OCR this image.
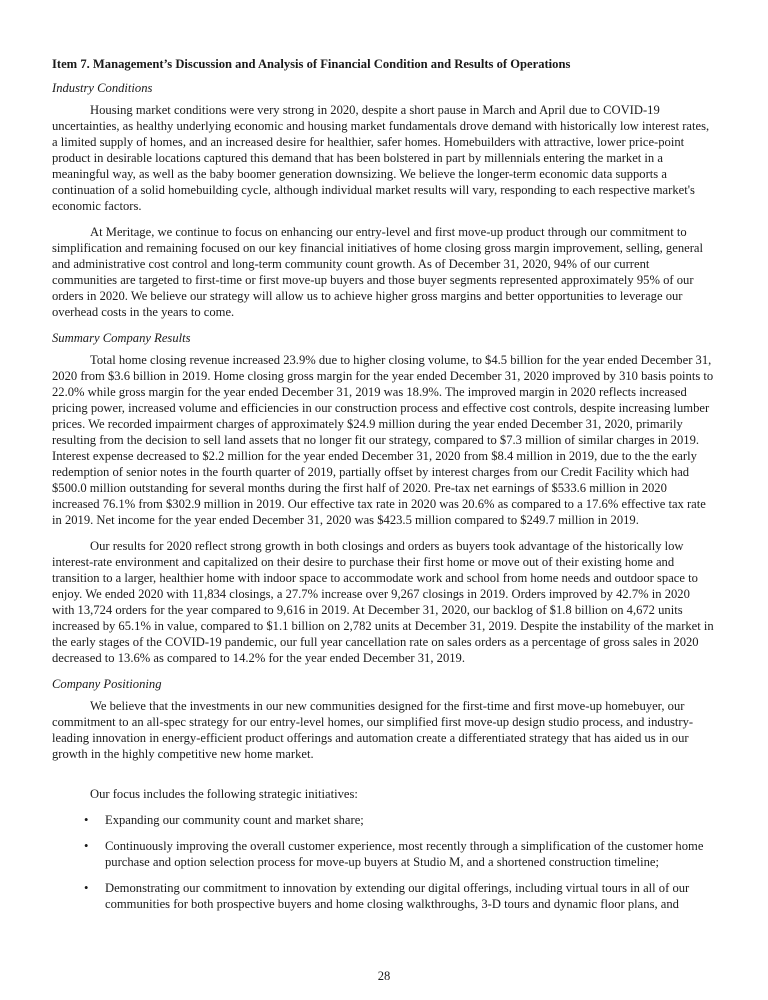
Item 7. Management’s Discussion and Analysis of Financial Condition and Results of Operations

Industry Conditions

Housing market conditions were very strong in 2020, despite a short pause in March and April due to COVID-19 uncertainties, as healthy underlying economic and housing market fundamentals drove demand with historically low interest rates, a limited supply of homes, and an increased desire for healthier, safer homes. Homebuilders with attractive, lower price-point product in desirable locations captured this demand that has been bolstered in part by millennials entering the market in a meaningful way, as well as the baby boomer generation downsizing. We believe the longer-term economic data supports a continuation of a solid homebuilding cycle, although individual market results will vary, responding to each respective market's economic factors.

At Meritage, we continue to focus on enhancing our entry-level and first move-up product through our commitment to simplification and remaining focused on our key financial initiatives of home closing gross margin improvement, selling, general and administrative cost control and long-term community count growth. As of December 31, 2020, 94% of our current communities are targeted to first-time or first move-up buyers and those buyer segments represented approximately 95% of our orders in 2020. We believe our strategy will allow us to achieve higher gross margins and better opportunities to leverage our overhead costs in the years to come.

Summary Company Results

Total home closing revenue increased 23.9% due to higher closing volume, to $4.5 billion for the year ended December 31, 2020 from $3.6 billion in 2019. Home closing gross margin for the year ended December 31, 2020 improved by 310 basis points to 22.0% while gross margin for the year ended December 31, 2019 was 18.9%. The improved margin in 2020 reflects increased pricing power, increased volume and efficiencies in our construction process and effective cost controls, despite increasing lumber prices. We recorded impairment charges of approximately $24.9 million during the year ended December 31, 2020, primarily resulting from the decision to sell land assets that no longer fit our strategy, compared to $7.3 million of similar charges in 2019. Interest expense decreased to $2.2 million for the year ended December 31, 2020 from $8.4 million in 2019, due to the the early redemption of senior notes in the fourth quarter of 2019, partially offset by interest charges from our Credit Facility which had $500.0 million outstanding for several months during the first half of 2020. Pre-tax net earnings of $533.6 million in 2020 increased 76.1% from $302.9 million in 2019. Our effective tax rate in 2020 was 20.6% as compared to a 17.6% effective tax rate in 2019. Net income for the year ended December 31, 2020 was $423.5 million compared to $249.7 million in 2019.

Our results for 2020 reflect strong growth in both closings and orders as buyers took advantage of the historically low interest-rate environment and capitalized on their desire to purchase their first home or move out of their existing home and transition to a larger, healthier home with indoor space to accommodate work and school from home needs and outdoor space to enjoy. We ended 2020 with 11,834 closings, a 27.7% increase over 9,267 closings in 2019. Orders improved by 42.7% in 2020 with 13,724 orders for the year compared to 9,616 in 2019. At December 31, 2020, our backlog of $1.8 billion on 4,672 units increased by 65.1% in value, compared to $1.1 billion on 2,782 units at December 31, 2019. Despite the instability of the market in the early stages of the COVID-19 pandemic, our full year cancellation rate on sales orders as a percentage of gross sales in 2020 decreased to 13.6% as compared to 14.2% for the year ended December 31, 2019.

Company Positioning

We believe that the investments in our new communities designed for the first-time and first move-up homebuyer, our commitment to an all-spec strategy for our entry-level homes, our simplified first move-up design studio process, and industry-leading innovation in energy-efficient product offerings and automation create a differentiated strategy that has aided us in our growth in the highly competitive new home market.

Our focus includes the following strategic initiatives:

• Expanding our community count and market share;
• Continuously improving the overall customer experience, most recently through a simplification of the customer home purchase and option selection process for move-up buyers at Studio M, and a shortened construction timeline;
• Demonstrating our commitment to innovation by extending our digital offerings, including virtual tours in all of our communities for both prospective buyers and home closing walkthroughs, 3-D tours and dynamic floor plans, and
28
